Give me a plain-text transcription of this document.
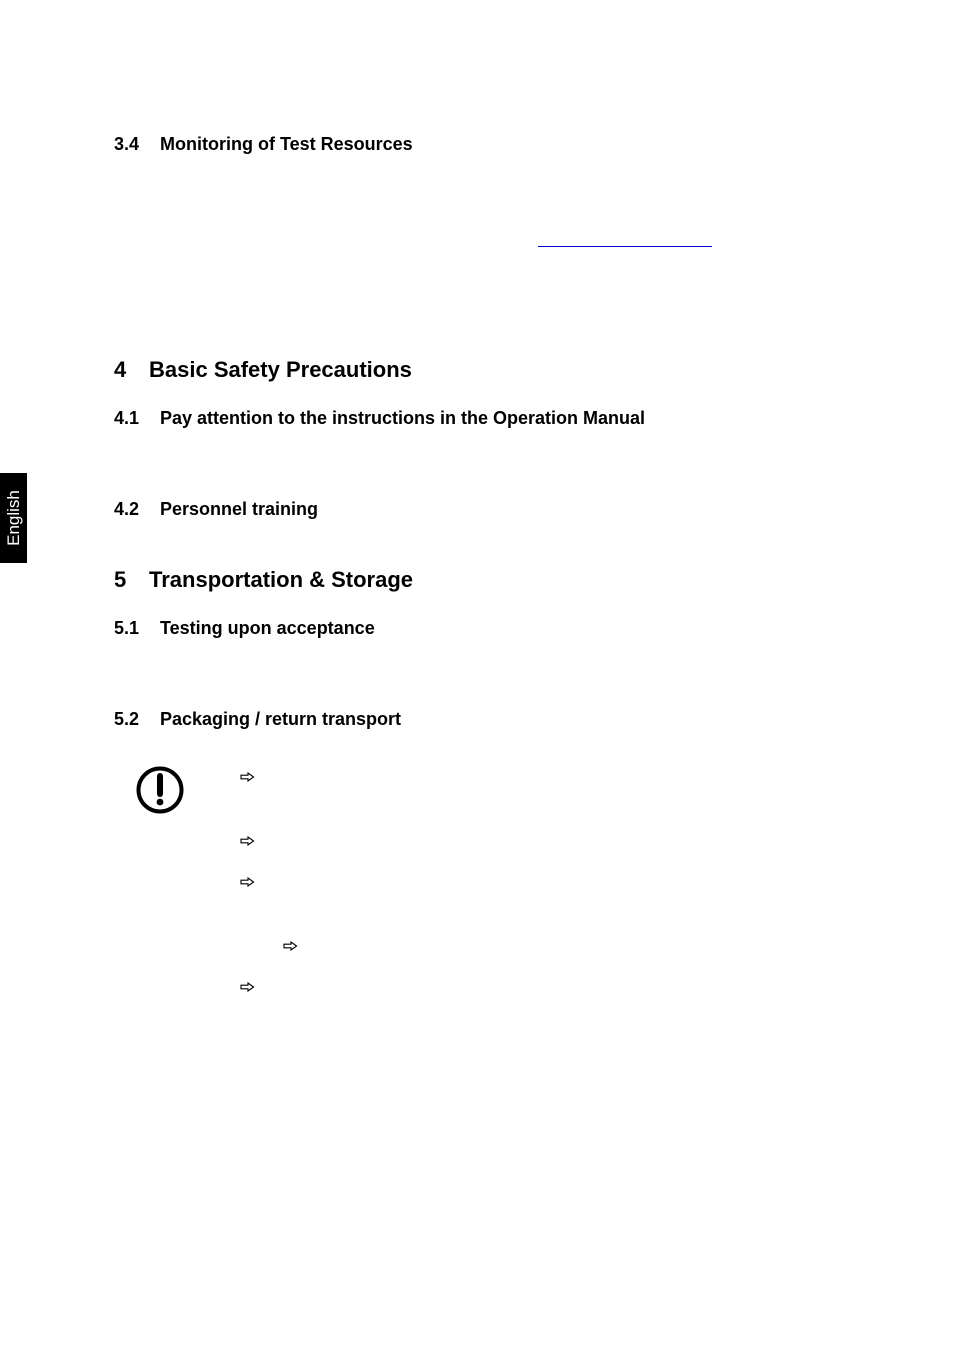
3.4	Monitoring of Test Resources
4	Basic Safety Precautions
4.1	Pay attention to the instructions in the Operation Manual
4.2	Personnel training
5	Transportation & Storage
5.1	Testing upon acceptance
5.2	Packaging / return transport
English
